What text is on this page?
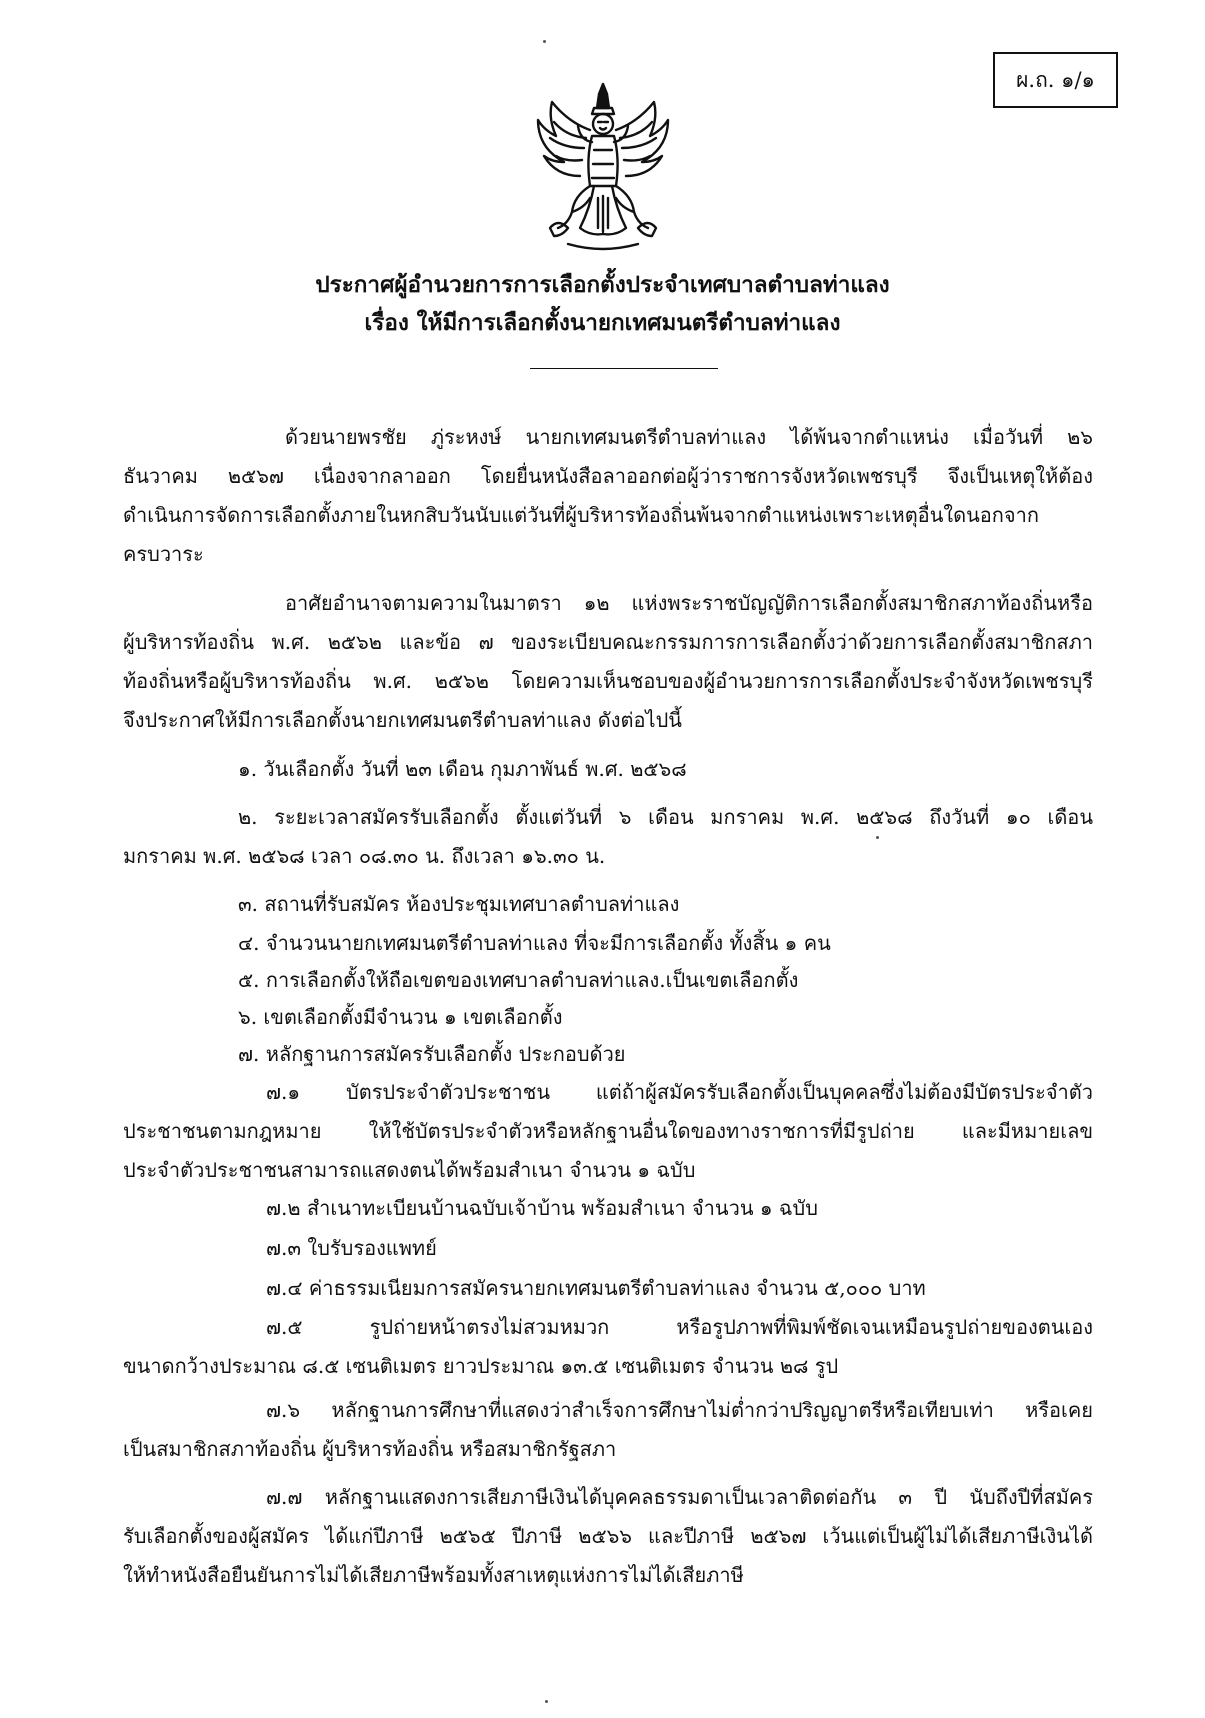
ผ.ถ. ๑/๑
ประกาศผู้อำนวยการการเลือกตั้งประจำเทศบาลตำบลท่าแลง
เรื่อง ให้มีการเลือกตั้งนายกเทศมนตรีตำบลท่าแลง
ด้วยนายพรชัย ภู่ระหงษ์ นายกเทศมนตรีตำบลท่าแลง ได้พ้นจากตำแหน่ง เมื่อวันที่ ๒๖
ธันวาคม ๒๕๖๗ เนื่องจากลาออก โดยยื่นหนังสือลาออกต่อผู้ว่าราชการจังหวัดเพชรบุรี จึงเป็นเหตุให้ต้อง
ดำเนินการจัดการเลือกตั้งภายในหกสิบวันนับแต่วันที่ผู้บริหารท้องถิ่นพ้นจากตำแหน่งเพราะเหตุอื่นใดนอกจาก
ครบวาระ
อาศัยอำนาจตามความในมาตรา ๑๒ แห่งพระราชบัญญัติการเลือกตั้งสมาชิกสภาท้องถิ่นหรือ
ผู้บริหารท้องถิ่น พ.ศ. ๒๕๖๒ และข้อ ๗ ของระเบียบคณะกรรมการการเลือกตั้งว่าด้วยการเลือกตั้งสมาชิกสภา
ท้องถิ่นหรือผู้บริหารท้องถิ่น พ.ศ. ๒๕๖๒ โดยความเห็นชอบของผู้อำนวยการการเลือกตั้งประจำจังหวัดเพชรบุรี
จึงประกาศให้มีการเลือกตั้งนายกเทศมนตรีตำบลท่าแลง ดังต่อไปนี้
๑. วันเลือกตั้ง วันที่ ๒๓ เดือน กุมภาพันธ์ พ.ศ. ๒๕๖๘
๒. ระยะเวลาสมัครรับเลือกตั้ง ตั้งแต่วันที่ ๖ เดือน มกราคม พ.ศ. ๒๕๖๘ ถึงวันที่ ๑๐ เดือน
มกราคม พ.ศ. ๒๕๖๘ เวลา ๐๘.๓๐ น. ถึงเวลา ๑๖.๓๐ น.
๓. สถานที่รับสมัคร ห้องประชุมเทศบาลตำบลท่าแลง
๔. จำนวนนายกเทศมนตรีตำบลท่าแลง ที่จะมีการเลือกตั้ง ทั้งสิ้น ๑ คน
๕. การเลือกตั้งให้ถือเขตของเทศบาลตำบลท่าแลง.เป็นเขตเลือกตั้ง
๖. เขตเลือกตั้งมีจำนวน ๑ เขตเลือกตั้ง
๗. หลักฐานการสมัครรับเลือกตั้ง ประกอบด้วย
๗.๑ บัตรประจำตัวประชาชน แต่ถ้าผู้สมัครรับเลือกตั้งเป็นบุคคลซึ่งไม่ต้องมีบัตรประจำตัว
ประชาชนตามกฎหมาย ให้ใช้บัตรประจำตัวหรือหลักฐานอื่นใดของทางราชการที่มีรูปถ่าย และมีหมายเลข
ประจำตัวประชาชนสามารถแสดงตนได้พร้อมสำเนา จำนวน ๑ ฉบับ
๗.๒ สำเนาทะเบียนบ้านฉบับเจ้าบ้าน พร้อมสำเนา จำนวน ๑ ฉบับ
๗.๓ ใบรับรองแพทย์
๗.๔ ค่าธรรมเนียมการสมัครนายกเทศมนตรีตำบลท่าแลง จำนวน ๕,๐๐๐ บาท
๗.๕ รูปถ่ายหน้าตรงไม่สวมหมวก หรือรูปภาพที่พิมพ์ชัดเจนเหมือนรูปถ่ายของตนเอง
ขนาดกว้างประมาณ ๘.๕ เซนติเมตร ยาวประมาณ ๑๓.๕ เซนติเมตร จำนวน ๒๘ รูป
๗.๖ หลักฐานการศึกษาที่แสดงว่าสำเร็จการศึกษาไม่ต่ำกว่าปริญญาตรีหรือเทียบเท่า หรือเคย
เป็นสมาชิกสภาท้องถิ่น ผู้บริหารท้องถิ่น หรือสมาชิกรัฐสภา
๗.๗ หลักฐานแสดงการเสียภาษีเงินได้บุคคลธรรมดาเป็นเวลาติดต่อกัน ๓ ปี นับถึงปีที่สมัคร
รับเลือกตั้งของผู้สมัคร ได้แก่ปีภาษี ๒๕๖๕ ปีภาษี ๒๕๖๖ และปีภาษี ๒๕๖๗ เว้นแต่เป็นผู้ไม่ได้เสียภาษีเงินได้
ให้ทำหนังสือยืนยันการไม่ได้เสียภาษีพร้อมทั้งสาเหตุแห่งการไม่ได้เสียภาษี
